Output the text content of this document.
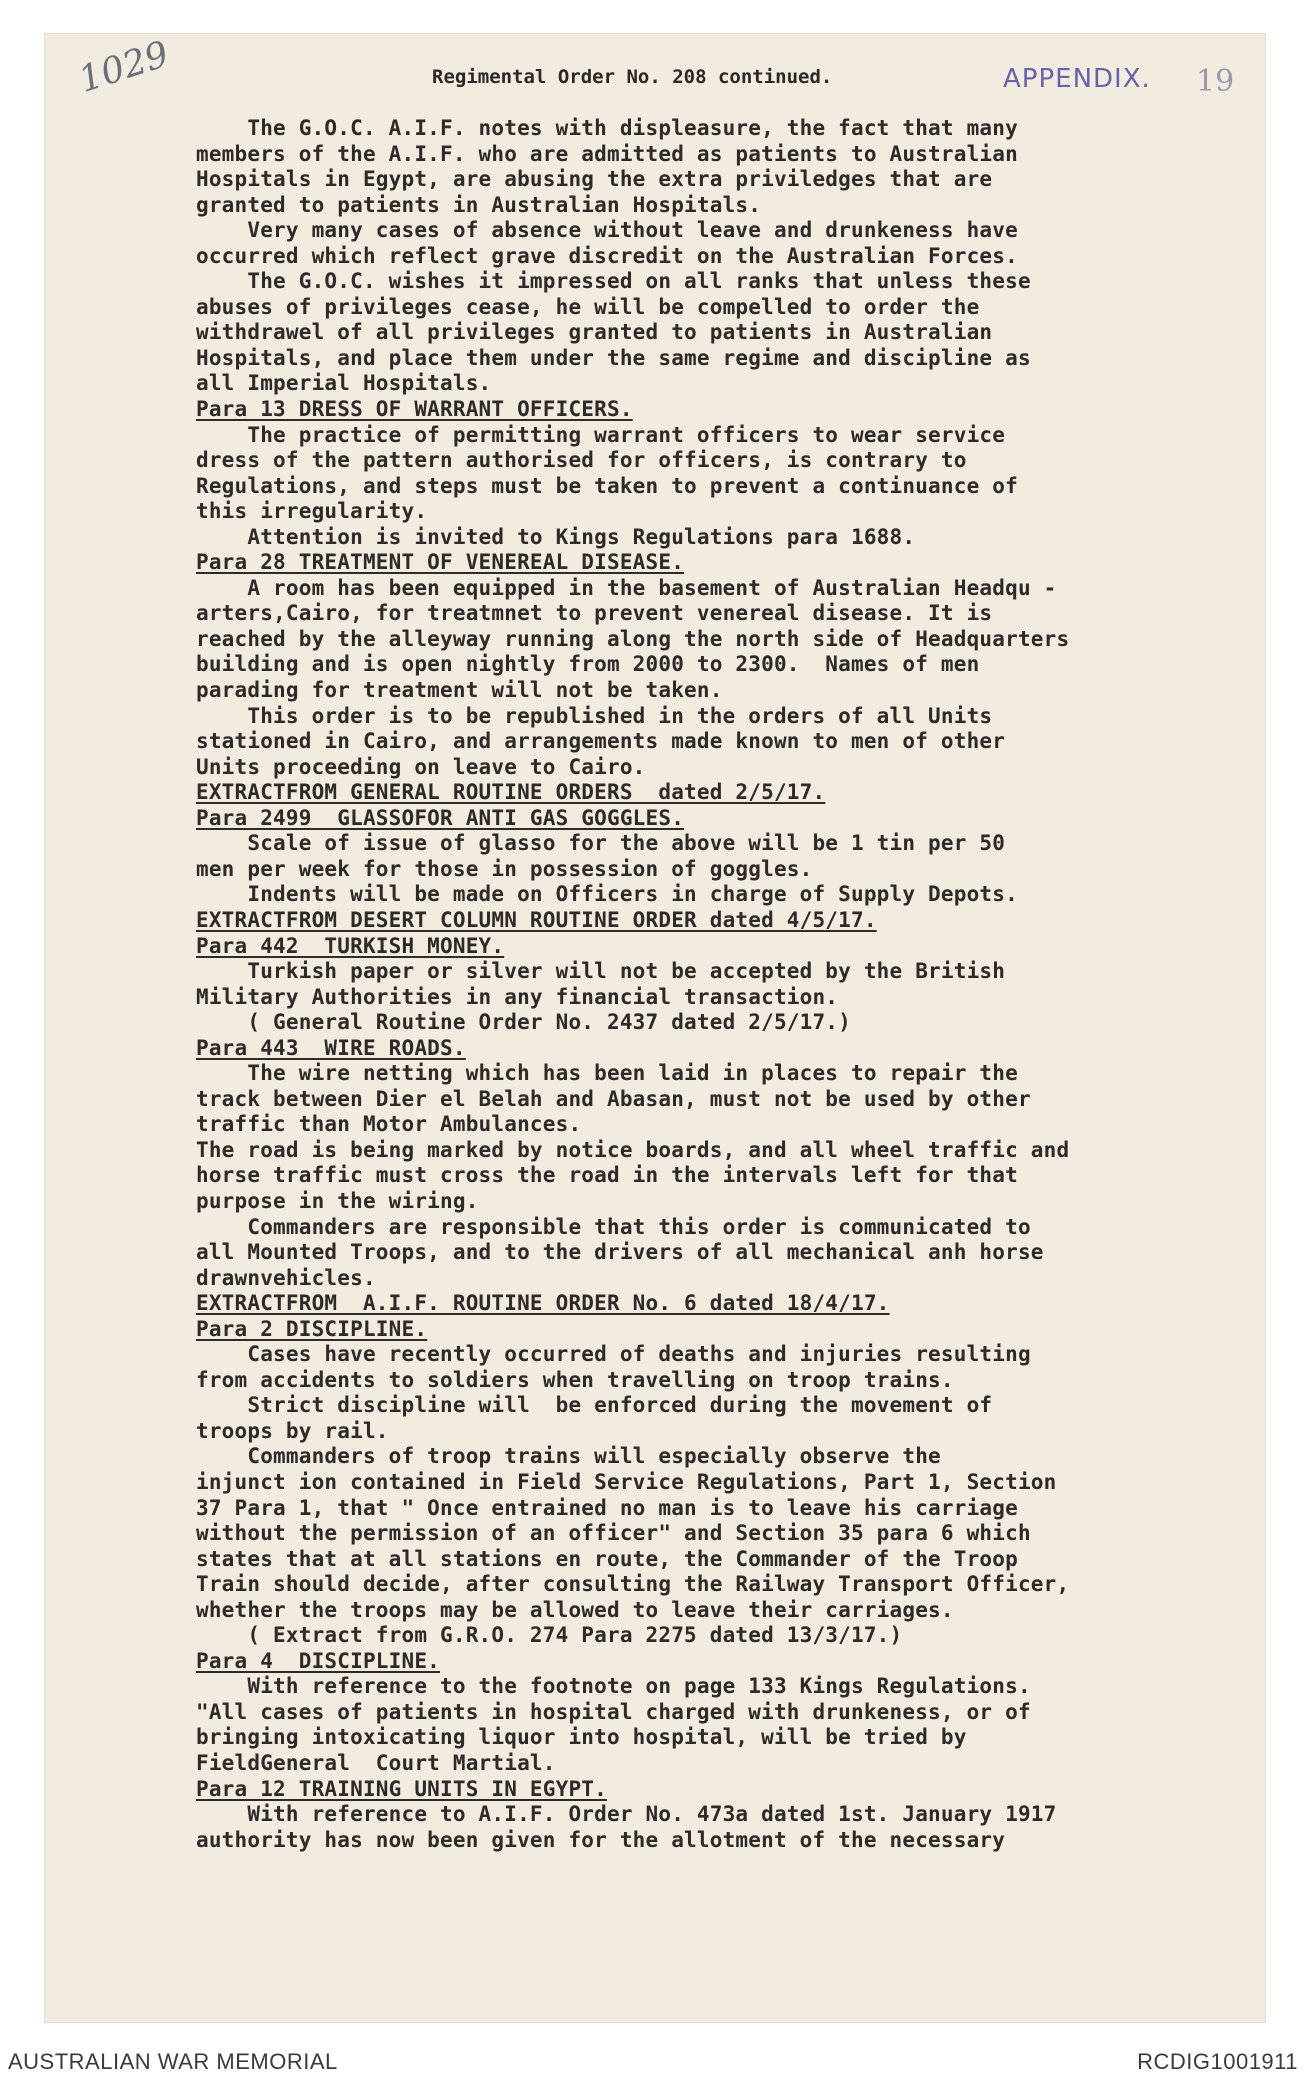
1029	Regimental Order No. 208 continued.	APPENDIX. 19
The G.O.C. A.I.F. notes with displeasure, the fact that many
members of the A.I.F. who are admitted as patients to Australian
Hospitals in Egypt, are abusing the extra priviledges that are
granted to patients in Australian Hospitals.
Very many cases of absence without leave and drunkeness have
occurred which reflect grave discredit on the Australian Forces.
The G.O.C. wishes it impressed on all ranks that unless these
abuses of privileges cease, he will be compelled to order the
withdrawel of all privileges granted to patients in Australian
Hospitals, and place them under the same regime and discipline as
all Imperial Hospitals.
Para 13 DRESS OF WARRANT OFFICERS.
The practice of permitting warrant officers to wear service
dress of the pattern authorised for officers, is contrary to
Regulations, and steps must be taken to prevent a continuance of
this irregularity.
Attention is invited to Kings Regulations para 1688.
Para 28 TREATMENT OF VENEREAL DISEASE.
A room has been equipped in the basement of Australian Headqu -
arters,Cairo, for treatmnet to prevent venereal disease. It is
reached by the alleyway running along the north side of Headquarters
building and is open nightly from 2000 to 2300.  Names of men
parading for treatment will not be taken.
This order is to be republished in the orders of all Units
stationed in Cairo, and arrangements made known to men of other
Units proceeding on leave to Cairo.
EXTRACTFROM GENERAL ROUTINE ORDERS  dated 2/5/17.
Para 2499  GLASSOFOR ANTI GAS GOGGLES.
Scale of issue of glasso for the above will be 1 tin per 50
men per week for those in possession of goggles.
Indents will be made on Officers in charge of Supply Depots.
EXTRACTFROM DESERT COLUMN ROUTINE ORDER dated 4/5/17.
Para 442  TURKISH MONEY.
Turkish paper or silver will not be accepted by the British
Military Authorities in any financial transaction.
( General Routine Order No. 2437 dated 2/5/17.)
Para 443  WIRE ROADS.
The wire netting which has been laid in places to repair the
track between Dier el Belah and Abasan, must not be used by other
traffic than Motor Ambulances.
The road is being marked by notice boards, and all wheel traffic and
horse traffic must cross the road in the intervals left for that
purpose in the wiring.
Commanders are responsible that this order is communicated to
all Mounted Troops, and to the drivers of all mechanical anh horse
drawnvehicles.
EXTRACTFROM  A.I.F. ROUTINE ORDER No. 6 dated 18/4/17.
Para 2 DISCIPLINE.
Cases have recently occurred of deaths and injuries resulting
from accidents to soldiers when travelling on troop trains.
Strict discipline will  be enforced during the movement of
troops by rail.
Commanders of troop trains will especially observe the
injunct ion contained in Field Service Regulations, Part 1, Section
37 Para 1, that " Once entrained no man is to leave his carriage
without the permission of an officer" and Section 35 para 6 which
states that at all stations en route, the Commander of the Troop
Train should decide, after consulting the Railway Transport Officer,
whether the troops may be allowed to leave their carriages.
( Extract from G.R.O. 274 Para 2275 dated 13/3/17.)
Para 4  DISCIPLINE.
With reference to the footnote on page 133 Kings Regulations.
"All cases of patients in hospital charged with drunkeness, or of
bringing intoxicating liquor into hospital, will be tried by
FieldGeneral  Court Martial.
Para 12 TRAINING UNITS IN EGYPT.
With reference to A.I.F. Order No. 473a dated 1st. January 1917
authority has now been given for the allotment of the necessary
AUSTRALIAN WAR MEMORIAL	RCDIG1001911
